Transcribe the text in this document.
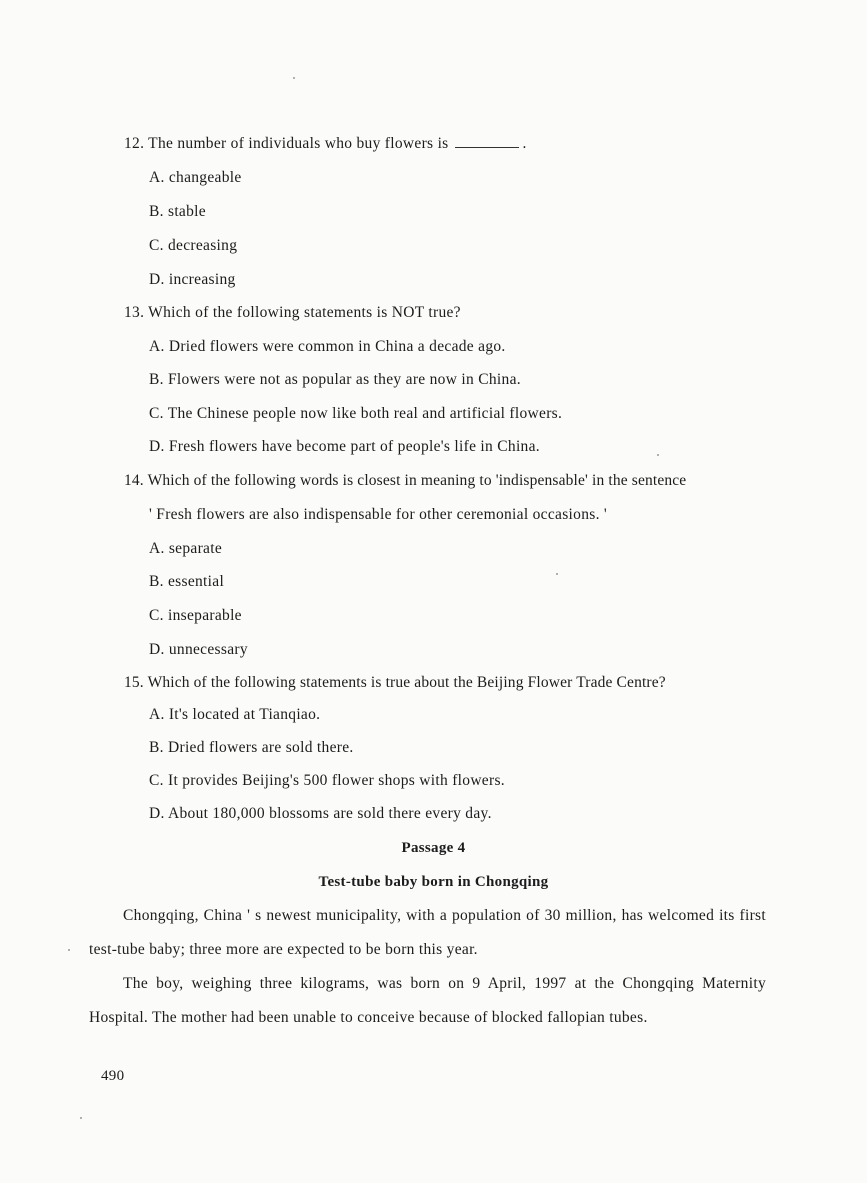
12. The number of individuals who buy flowers is	.
A. changeable
B. stable
C. decreasing
D. increasing
13. Which of the following statements is NOT true?
A. Dried flowers were common in China a decade ago.
B. Flowers were not as popular as they are now in China.
C. The Chinese people now like both real and artificial flowers.
D. Fresh flowers have become part of people's life in China.
14. Which of the following words is closest in meaning to 'indispensable' in the sentence
' Fresh flowers are also indispensable for other ceremonial occasions. '
A. separate
B. essential
C. inseparable
D. unnecessary
15. Which of the following statements is true about the Beijing Flower Trade Centre?
A. It's located at Tianqiao.
B. Dried flowers are sold there.
C. It provides Beijing's 500 flower shops with flowers.
D. About 180,000 blossoms are sold there every day.
Passage 4
Test-tube baby born in Chongqing
Chongqing, China ' s newest municipality, with a population of 30 million, has welcomed its first test-tube baby; three more are expected to be born this year.
The boy, weighing three kilograms, was born on 9 April, 1997 at the Chongqing Maternity Hospital. The mother had been unable to conceive because of blocked fallopian tubes.
490
